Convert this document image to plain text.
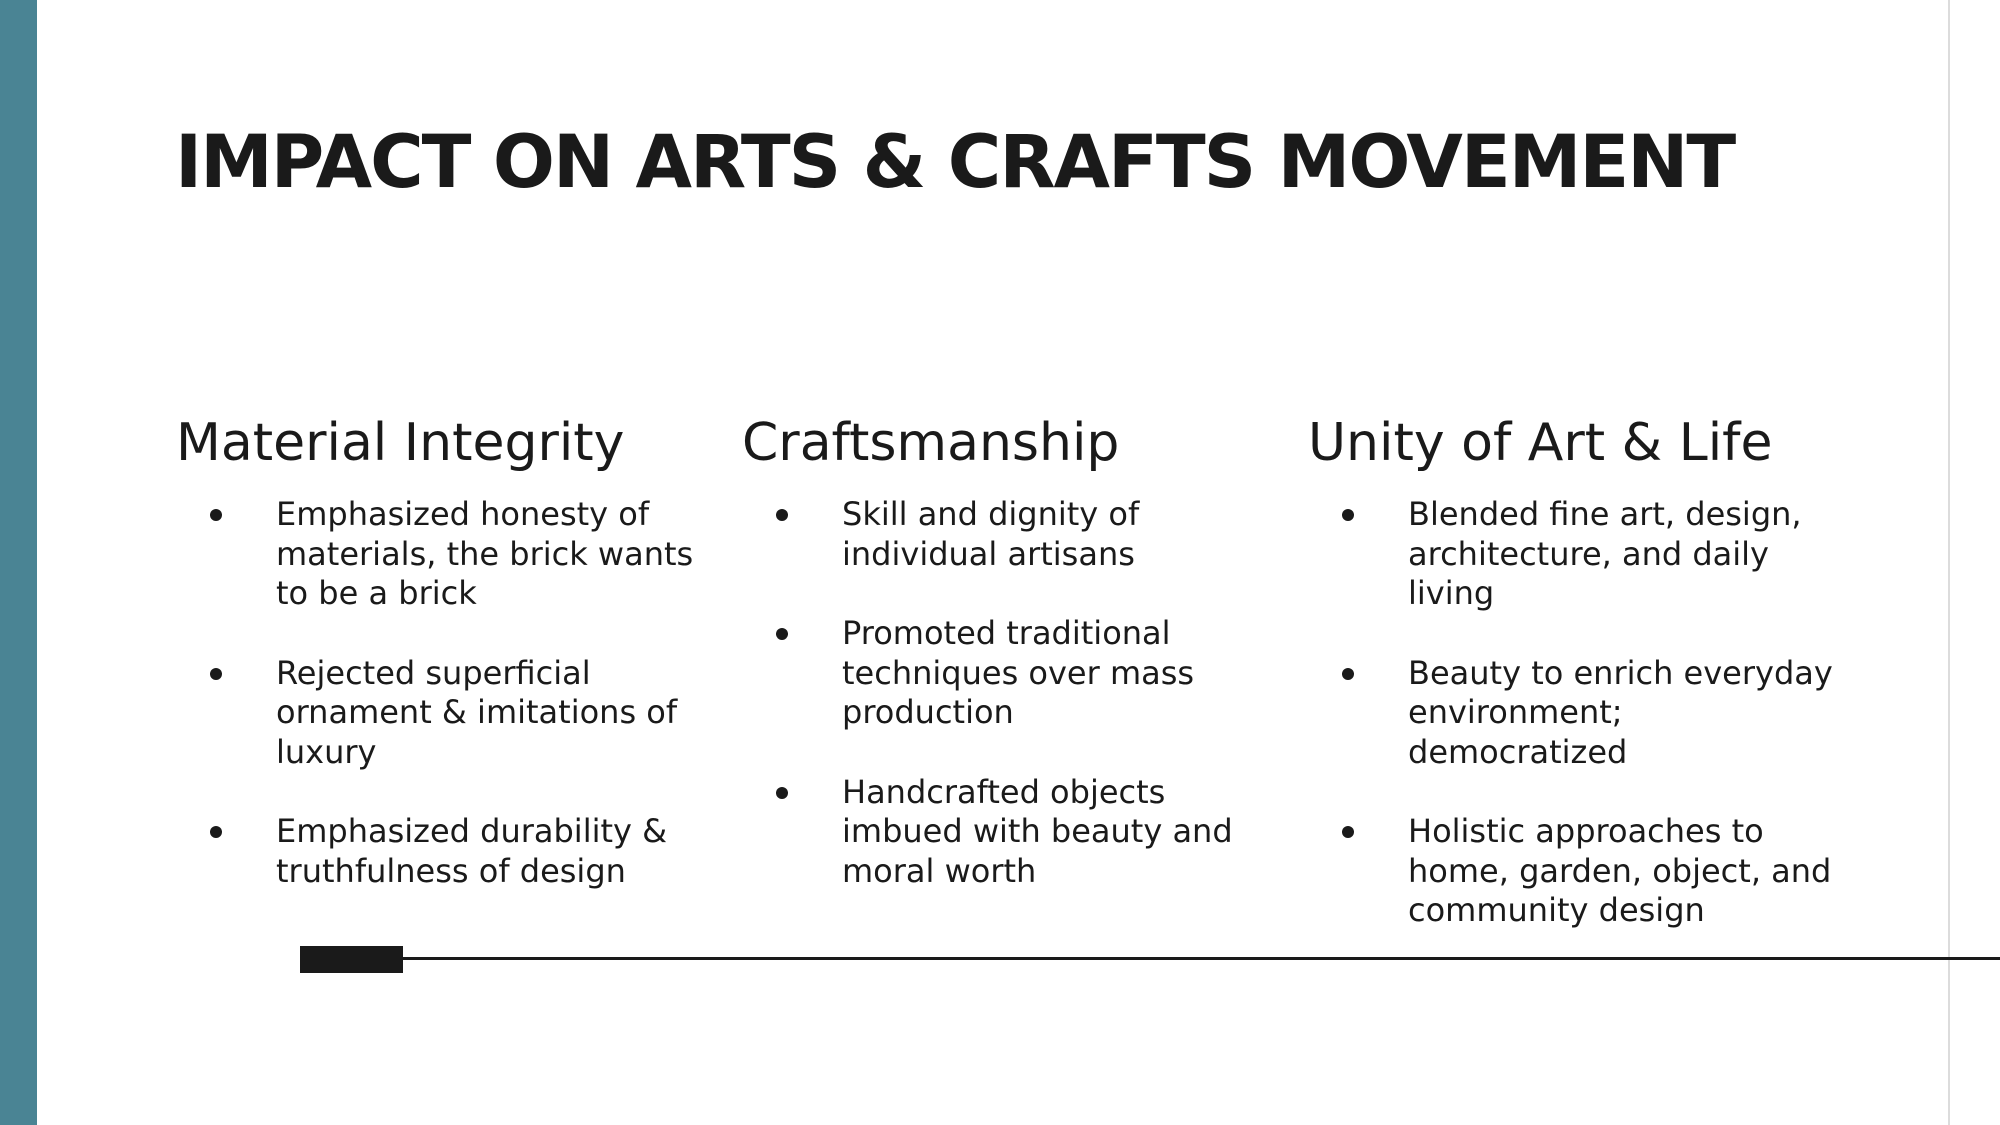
IMPACT ON ARTS & CRAFTS MOVEMENT
Material Integrity
Emphasized honesty of materials, the brick wants to be a brick
Rejected superficial ornament & imitations of luxury
Emphasized durability & truthfulness of design
Craftsmanship
Skill and dignity of individual artisans
Promoted traditional techniques over mass production
Handcrafted objects imbued with beauty and moral worth
Unity of Art & Life
Blended fine art, design, architecture, and daily living
Beauty to enrich everyday environment; democratized
Holistic approaches to home, garden, object, and community design
